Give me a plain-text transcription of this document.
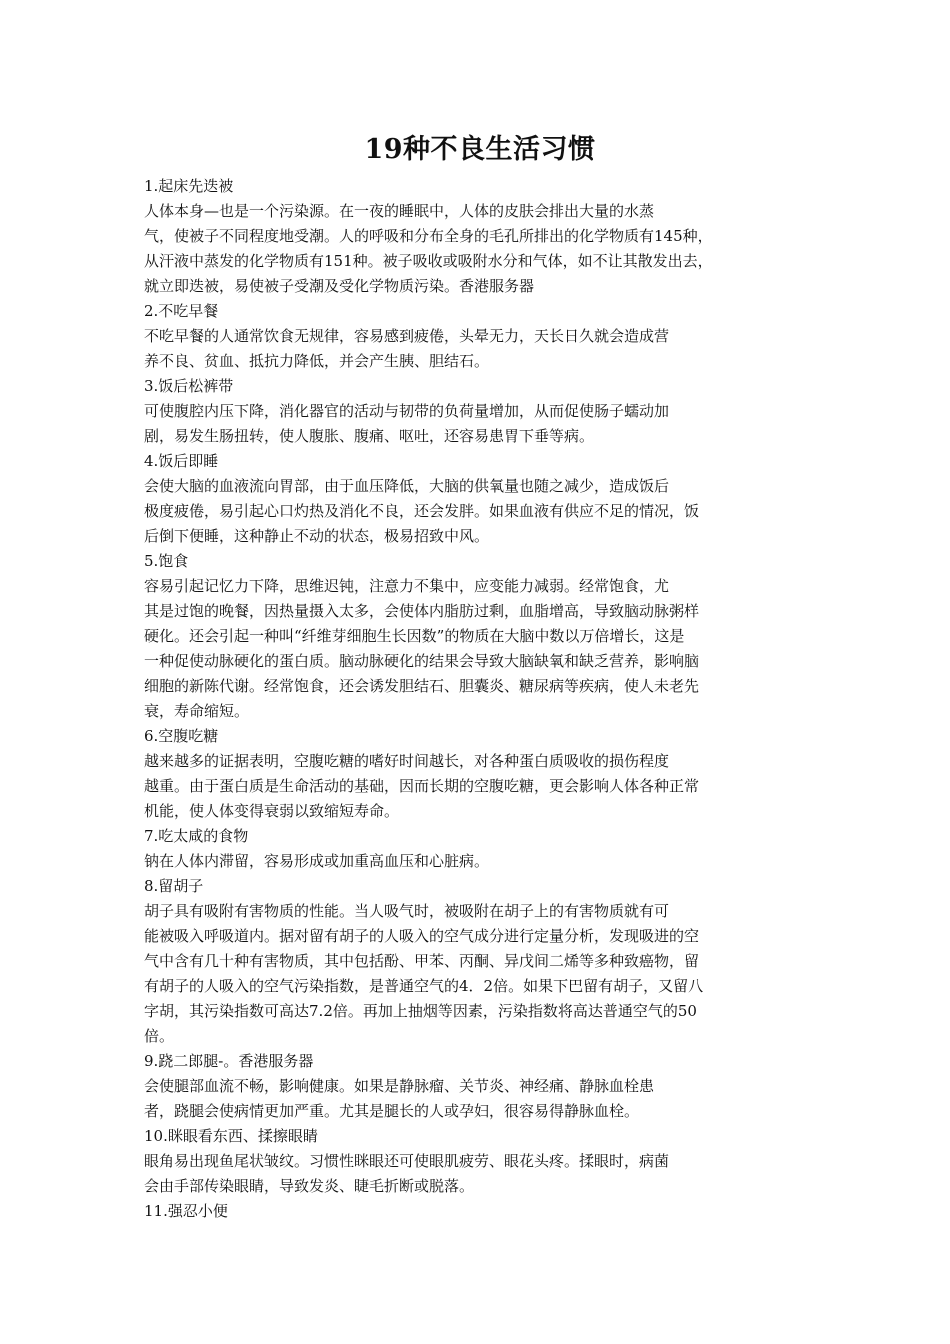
19种不良生活习惯
1.起床先迭被
人体本身—也是一个污染源。在一夜的睡眠中，人体的皮肤会排出大量的水蒸
气，使被子不同程度地受潮。人的呼吸和分布全身的毛孔所排出的化学物质有145种，
从汗液中蒸发的化学物质有151种。被子吸收或吸附水分和气体，如不让其散发出去，
就立即迭被，易使被子受潮及受化学物质污染。香港服务器
2.不吃早餐
不吃早餐的人通常饮食无规律，容易感到疲倦，头晕无力，天长日久就会造成营
养不良、贫血、抵抗力降低，并会产生胰、胆结石。
3.饭后松裤带
可使腹腔内压下降，消化器官的活动与韧带的负荷量增加，从而促使肠子蠕动加
剧，易发生肠扭转，使人腹胀、腹痛、呕吐，还容易患胃下垂等病。
4.饭后即睡
会使大脑的血液流向胃部，由于血压降低，大脑的供氧量也随之减少，造成饭后
极度疲倦，易引起心口灼热及消化不良，还会发胖。如果血液有供应不足的情况，饭
后倒下便睡，这种静止不动的状态，极易招致中风。
5.饱食
容易引起记忆力下降，思维迟钝，注意力不集中，应变能力减弱。经常饱食，尤
其是过饱的晚餐，因热量摄入太多，会使体内脂肪过剩，血脂增高，导致脑动脉粥样
硬化。还会引起一种叫“纤维芽细胞生长因数”的物质在大脑中数以万倍增长，这是
一种促使动脉硬化的蛋白质。脑动脉硬化的结果会导致大脑缺氧和缺乏营养，影响脑
细胞的新陈代谢。经常饱食，还会诱发胆结石、胆囊炎、糖尿病等疾病，使人未老先
衰，寿命缩短。
6.空腹吃糖
越来越多的证据表明，空腹吃糖的嗜好时间越长，对各种蛋白质吸收的损伤程度
越重。由于蛋白质是生命活动的基础，因而长期的空腹吃糖，更会影响人体各种正常
机能，使人体变得衰弱以致缩短寿命。
7.吃太咸的食物
钠在人体内滞留，容易形成或加重高血压和心脏病。
8.留胡子
胡子具有吸附有害物质的性能。当人吸气时，被吸附在胡子上的有害物质就有可
能被吸入呼吸道内。据对留有胡子的人吸入的空气成分进行定量分析，发现吸进的空
气中含有几十种有害物质，其中包括酚、甲苯、丙酮、异戊间二烯等多种致癌物，留
有胡子的人吸入的空气污染指数，是普通空气的4．2倍。如果下巴留有胡子，又留八
字胡，其污染指数可高达7.2倍。再加上抽烟等因素，污染指数将高达普通空气的50
倍。
9.跷二郎腿-。香港服务器
会使腿部血流不畅，影响健康。如果是静脉瘤、关节炎、神经痛、静脉血栓患
者，跷腿会使病情更加严重。尤其是腿长的人或孕妇，很容易得静脉血栓。
10.眯眼看东西、揉擦眼睛
眼角易出现鱼尾状皱纹。习惯性眯眼还可使眼肌疲劳、眼花头疼。揉眼时，病菌
会由手部传染眼睛，导致发炎、睫毛折断或脱落。
11.强忍小便
